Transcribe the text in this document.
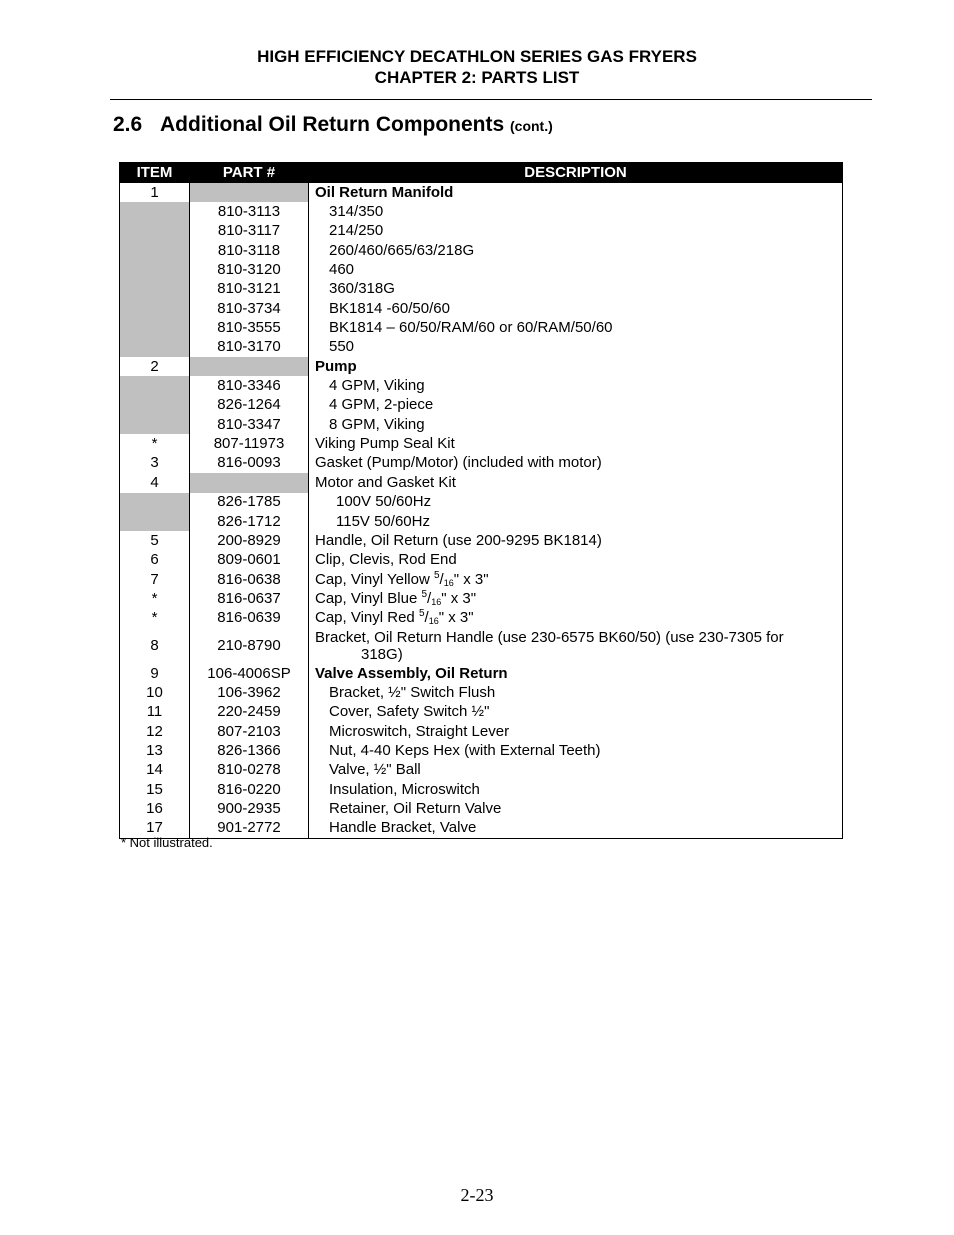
HIGH EFFICIENCY DECATHLON SERIES GAS FRYERS
CHAPTER 2: PARTS LIST
2.6 Additional Oil Return Components (cont.)
ITEM	PART #	DESCRIPTION
1		Oil Return Manifold
	810-3113	314/350
	810-3117	214/250
	810-3118	260/460/665/63/218G
	810-3120	460
	810-3121	360/318G
	810-3734	BK1814 -60/50/60
	810-3555	BK1814 – 60/50/RAM/60 or 60/RAM/50/60
	810-3170	550
2		Pump
	810-3346	4 GPM, Viking
	826-1264	4 GPM, 2-piece
	810-3347	8 GPM, Viking
*	807-11973	Viking Pump Seal Kit
3	816-0093	Gasket (Pump/Motor) (included with motor)
4		Motor and Gasket Kit
	826-1785	100V 50/60Hz
	826-1712	115V 50/60Hz
5	200-8929	Handle, Oil Return (use 200-9295 BK1814)
6	809-0601	Clip, Clevis, Rod End
7	816-0638	Cap, Vinyl Yellow $^5/_{16}$" x 3"
*	816-0637	Cap, Vinyl Blue $^5/_{16}$" x 3"
*	816-0639	Cap, Vinyl Red $^5/_{16}$" x 3"
8	210-8790	Bracket, Oil Return Handle (use 230-6575 BK60/50) (use 230-7305 for
318G)

9	106-4006SP	Valve Assembly, Oil Return
10	106-3962	Bracket, ½" Switch Flush
11	220-2459	Cover, Safety Switch ½"
12	807-2103	Microswitch, Straight Lever
13	826-1366	Nut, 4-40 Keps Hex (with External Teeth)
14	810-0278	Valve, ½" Ball
15	816-0220	Insulation, Microswitch
16	900-2935	Retainer, Oil Return Valve
17	901-2772	Handle Bracket, Valve
* Not illustrated.
2-23
